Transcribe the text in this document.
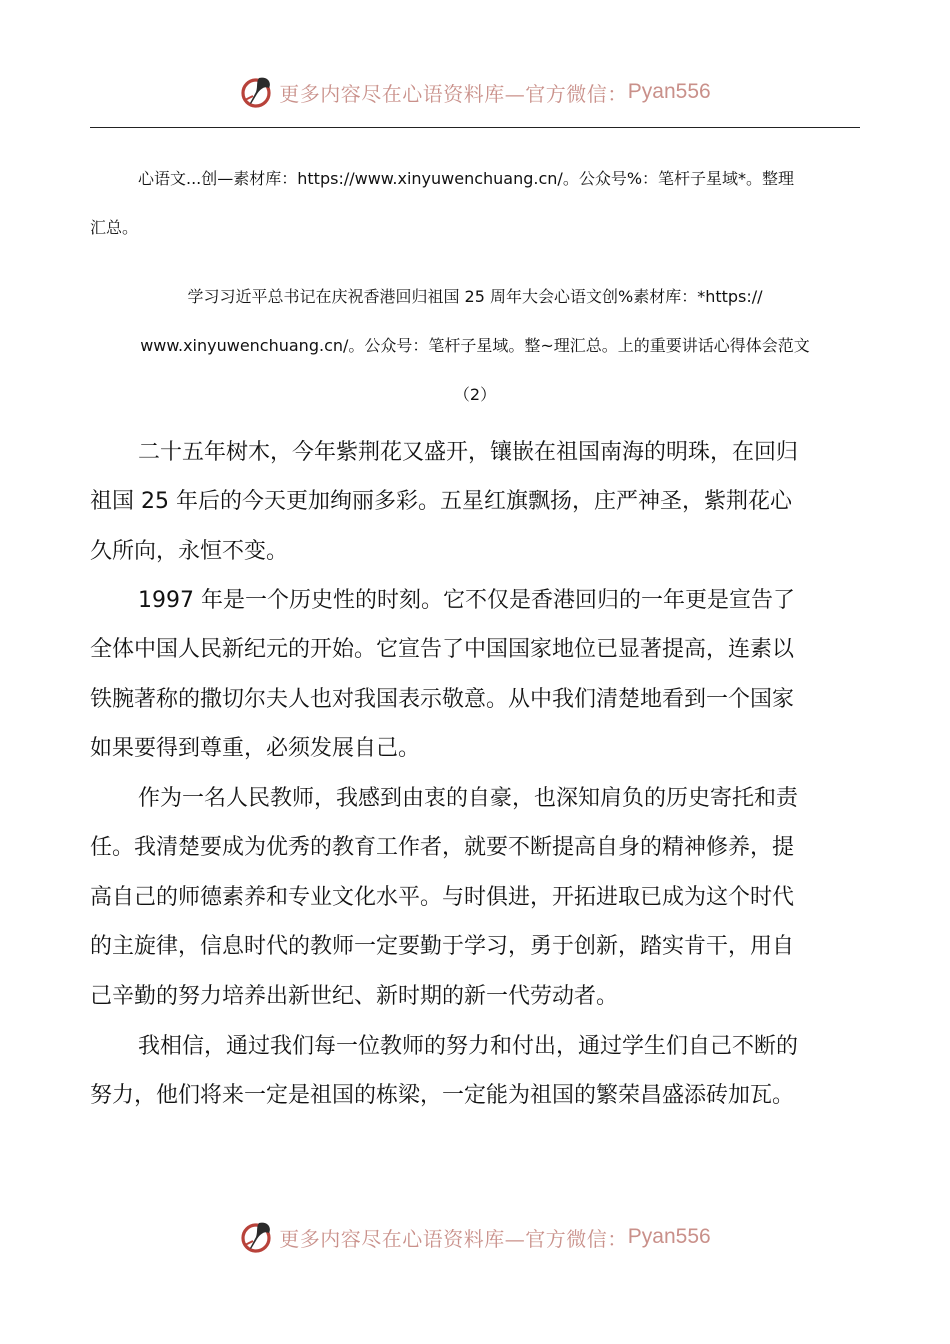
更多内容尽在心语资料库—官方微信： Pyan556
心语文...创—素材库：https://www.xinyuwenchuang.cn/。公众号%：笔杆子星域*。整理
汇总。
学习习近平总书记在庆祝香港回归祖国 25 周年大会心语文创%素材库：*https://
www.xinyuwenchuang.cn/。公众号：笔杆子星域。整~理汇总。上的重要讲话心得体会范文
（2）
二十五年树木，今年紫荆花又盛开，镶嵌在祖国南海的明珠，在回归
祖国 25 年后的今天更加绚丽多彩。五星红旗飘扬，庄严神圣，紫荆花心
久所向，永恒不变。
1997 年是一个历史性的时刻。它不仅是香港回归的一年更是宣告了
全体中国人民新纪元的开始。它宣告了中国国家地位已显著提高，连素以
铁腕著称的撒切尔夫人也对我国表示敬意。从中我们清楚地看到一个国家
如果要得到尊重，必须发展自己。
作为一名人民教师，我感到由衷的自豪，也深知肩负的历史寄托和责
任。我清楚要成为优秀的教育工作者，就要不断提高自身的精神修养，提
高自己的师德素养和专业文化水平。与时俱进，开拓进取已成为这个时代
的主旋律，信息时代的教师一定要勤于学习，勇于创新，踏实肯干，用自
己辛勤的努力培养出新世纪、新时期的新一代劳动者。
我相信，通过我们每一位教师的努力和付出，通过学生们自己不断的
努力，他们将来一定是祖国的栋梁，一定能为祖国的繁荣昌盛添砖加瓦。
更多内容尽在心语资料库—官方微信： Pyan556
